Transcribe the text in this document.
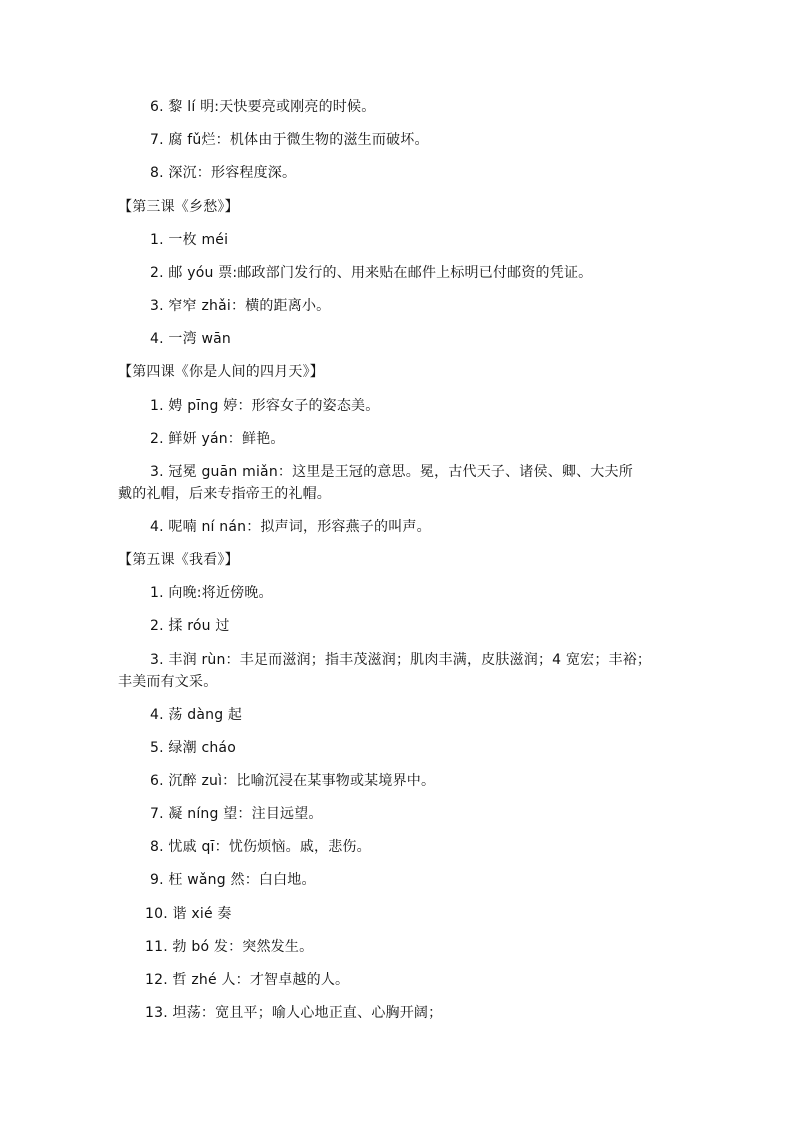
6. 黎 lí 明:天快要亮或刚亮的时候。
7. 腐 fǔ烂：机体由于微生物的滋生而破坏。
8. 深沉：形容程度深。
【第三课《乡愁》】
1. 一枚 méi
2. 邮 yóu 票:邮政部门发行的、用来贴在邮件上标明已付邮资的凭证。
3. 窄窄 zhǎi：横的距离小。
4. 一湾 wān
【第四课《你是人间的四月天》】
1. 娉 pīng 婷：形容女子的姿态美。
2. 鲜妍 yán：鲜艳。
3. 冠冕 guān miǎn：这里是王冠的意思。冕，古代天子、诸侯、卿、大夫所
戴的礼帽，后来专指帝王的礼帽。
4. 呢喃 ní nán：拟声词，形容燕子的叫声。
【第五课《我看》】
1. 向晚:将近傍晚。
2. 揉 róu 过
3. 丰润 rùn：丰足而滋润；指丰茂滋润；肌肉丰满，皮肤滋润；4 宽宏；丰裕；
丰美而有文采。
4. 荡 dàng 起
5. 绿潮 cháo
6. 沉醉 zuì：比喻沉浸在某事物或某境界中。
7. 凝 níng 望：注目远望。
8. 忧戚 qī：忧伤烦恼。戚，悲伤。
9. 枉 wǎng 然：白白地。
10. 谐 xié 奏
11. 勃 bó 发：突然发生。
12. 哲 zhé 人：才智卓越的人。
13. 坦荡：宽且平；喻人心地正直、心胸开阔；
